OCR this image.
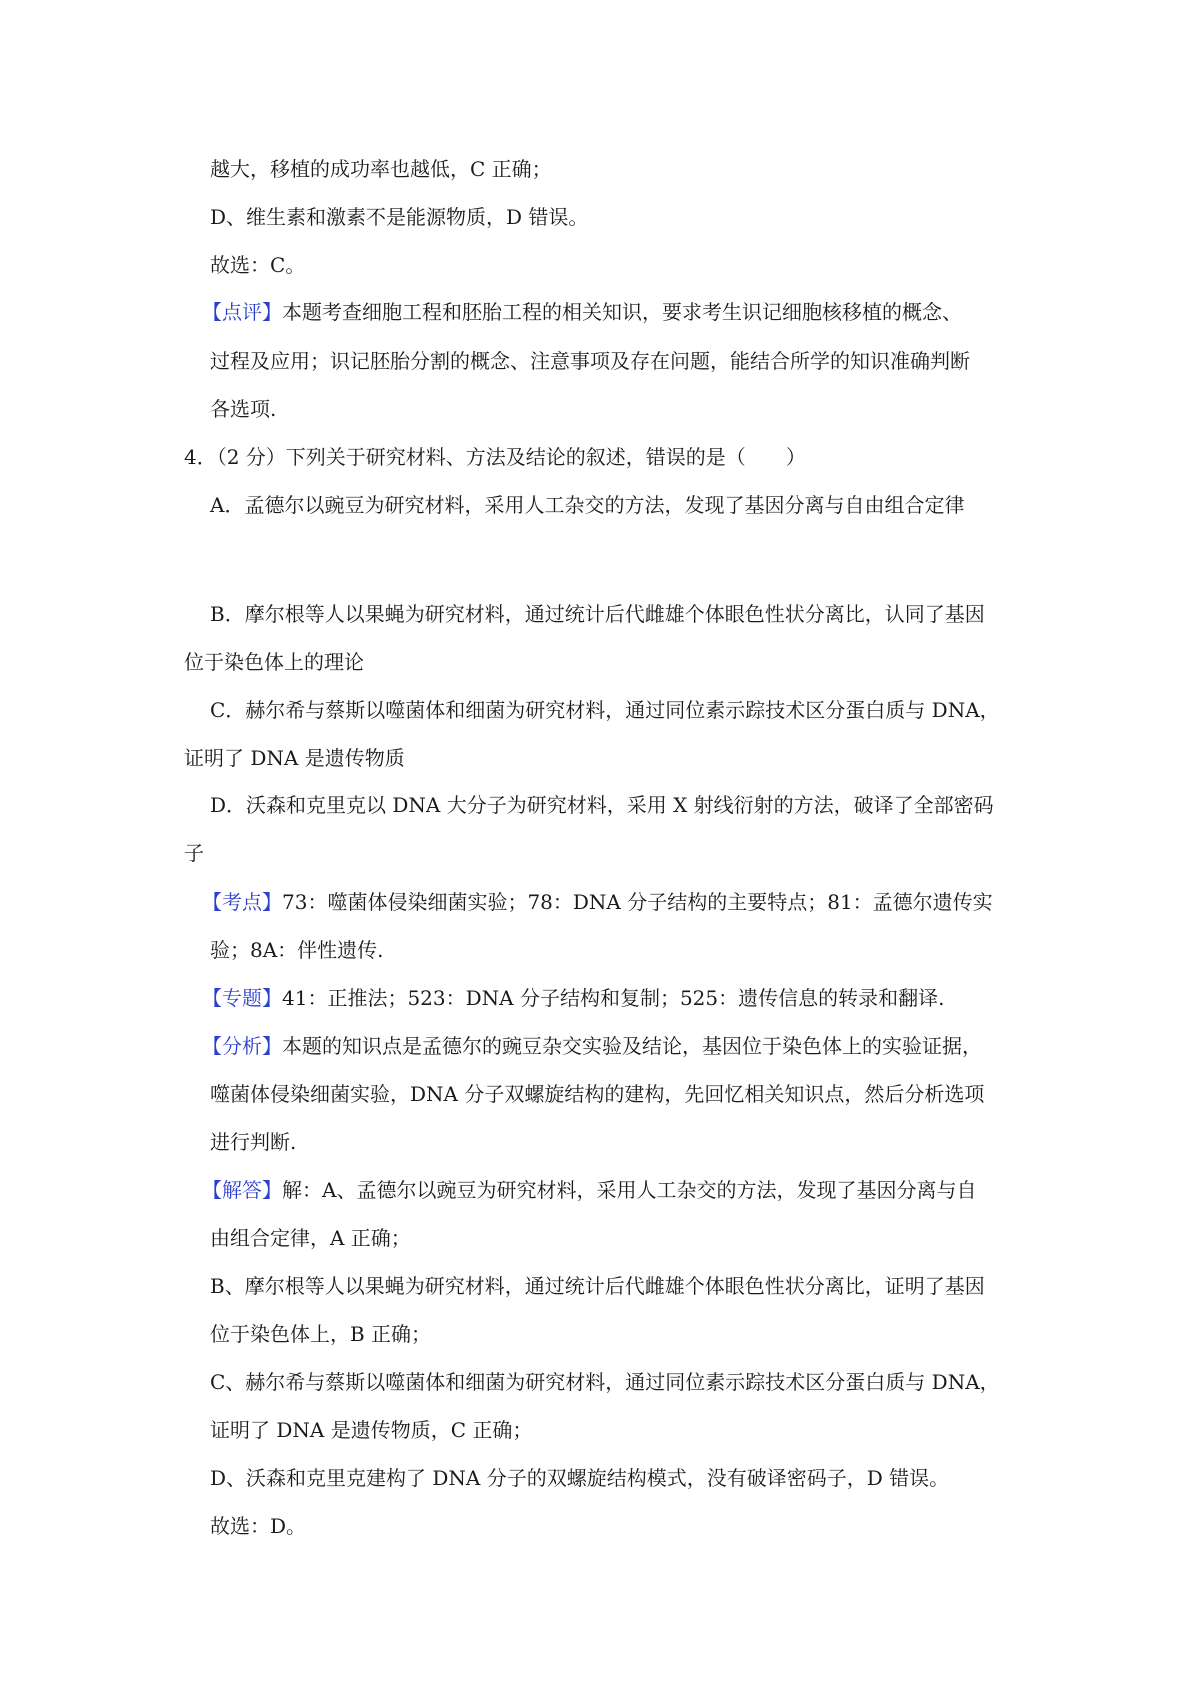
越大，移植的成功率也越低，C 正确；
D、维生素和激素不是能源物质，D 错误。
故选：C。
【点评】本题考查细胞工程和胚胎工程的相关知识，要求考生识记细胞核移植的概念、
过程及应用；识记胚胎分割的概念、注意事项及存在问题，能结合所学的知识准确判断
各选项.
4．（2 分）下列关于研究材料、方法及结论的叙述，错误的是（ ）
A．孟德尔以豌豆为研究材料，采用人工杂交的方法，发现了基因分离与自由组合定律
B．摩尔根等人以果蝇为研究材料，通过统计后代雌雄个体眼色性状分离比，认同了基因
位于染色体上的理论
C．赫尔希与蔡斯以噬菌体和细菌为研究材料，通过同位素示踪技术区分蛋白质与 DNA，
证明了 DNA 是遗传物质
D．沃森和克里克以 DNA 大分子为研究材料，采用 X 射线衍射的方法，破译了全部密码
子
【考点】73：噬菌体侵染细菌实验；78：DNA 分子结构的主要特点；81：孟德尔遗传实
验；8A：伴性遗传.
【专题】41：正推法；523：DNA 分子结构和复制；525：遗传信息的转录和翻译.
【分析】本题的知识点是孟德尔的豌豆杂交实验及结论，基因位于染色体上的实验证据，
噬菌体侵染细菌实验，DNA 分子双螺旋结构的建构，先回忆相关知识点，然后分析选项
进行判断.
【解答】解：A、孟德尔以豌豆为研究材料，采用人工杂交的方法，发现了基因分离与自
由组合定律，A 正确；
B、摩尔根等人以果蝇为研究材料，通过统计后代雌雄个体眼色性状分离比，证明了基因
位于染色体上，B 正确；
C、赫尔希与蔡斯以噬菌体和细菌为研究材料，通过同位素示踪技术区分蛋白质与 DNA，
证明了 DNA 是遗传物质，C 正确；
D、沃森和克里克建构了 DNA 分子的双螺旋结构模式，没有破译密码子，D 错误。
故选：D。
